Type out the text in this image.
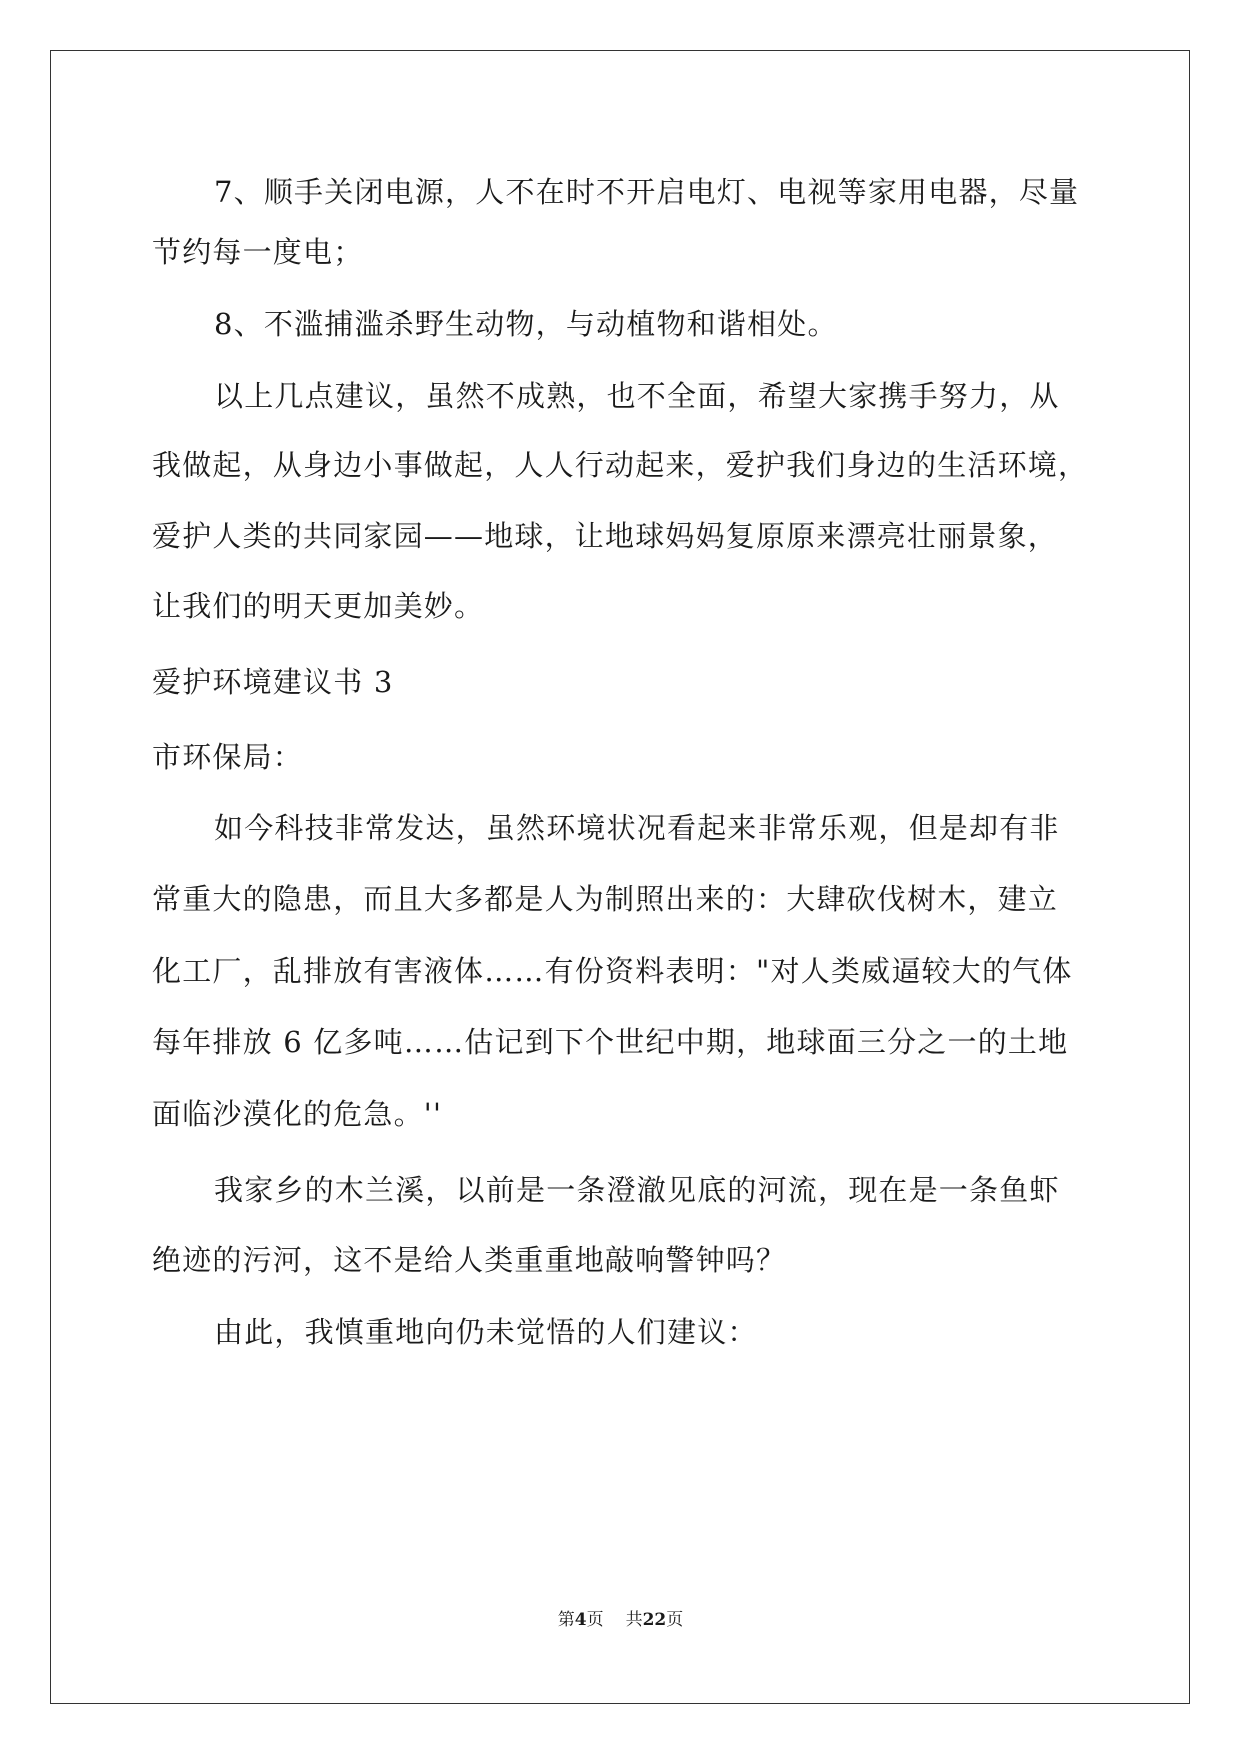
7、顺手关闭电源，人不在时不开启电灯、电视等家用电器，尽量
节约每一度电；
8、不滥捕滥杀野生动物，与动植物和谐相处。
以上几点建议，虽然不成熟，也不全面，希望大家携手努力，从
我做起，从身边小事做起，人人行动起来，爱护我们身边的生活环境，
爱护人类的共同家园——地球，让地球妈妈复原原来漂亮壮丽景象，
让我们的明天更加美妙。
爱护环境建议书 3
市环保局：
如今科技非常发达，虽然环境状况看起来非常乐观，但是却有非
常重大的隐患，而且大多都是人为制照出来的：大肆砍伐树木，建立
化工厂，乱排放有害液体……有份资料表明："对人类威逼较大的气体
每年排放 6 亿多吨……估记到下个世纪中期，地球面三分之一的土地
面临沙漠化的危急。''
我家乡的木兰溪，以前是一条澄澈见底的河流，现在是一条鱼虾
绝迹的污河，这不是给人类重重地敲响警钟吗？
由此，我慎重地向仍未觉悟的人们建议：
第4页 共22页
